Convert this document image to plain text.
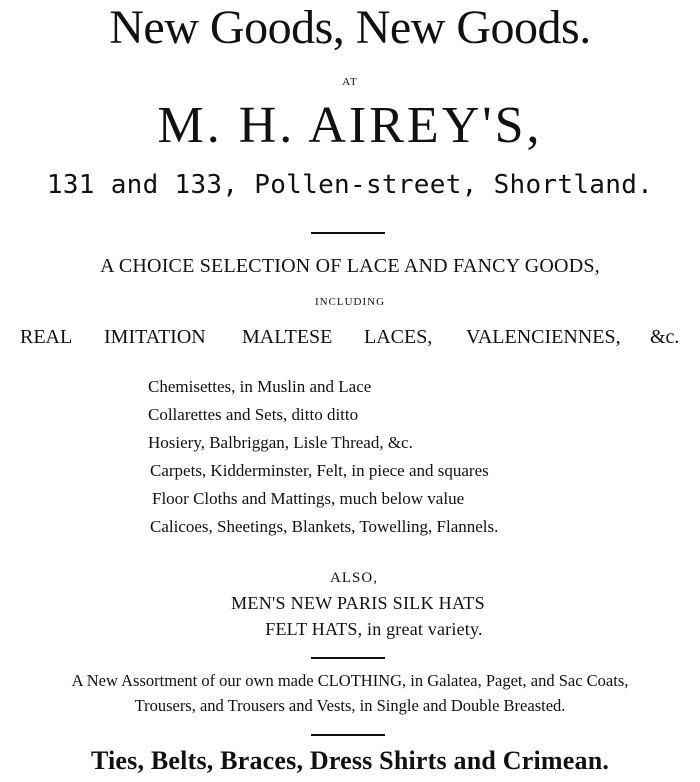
New Goods, New Goods.
AT
M. H. AIREY'S,
131 and 133, Pollen-street, Shortland.
A CHOICE SELECTION OF LACE AND FANCY GOODS,
INCLUDING
REAL IMITATION MALTESE LACES, VALENCIENNES, &c.
Chemisettes, in Muslin and Lace
Collarettes and Sets, ditto ditto
Hosiery, Balbriggan, Lisle Thread, &c.
Carpets, Kidderminster, Felt, in piece and squares
Floor Cloths and Mattings, much below value
Calicoes, Sheetings, Blankets, Towelling, Flannels.
ALSO,
MEN'S NEW PARIS SILK HATS
FELT HATS, in great variety.
A New Assortment of our own made CLOTHING, in Galatea, Paget, and Sac Coats,
Trousers, and Trousers and Vests, in Single and Double Breasted.
Ties, Belts, Braces, Dress Shirts and Crimean.
